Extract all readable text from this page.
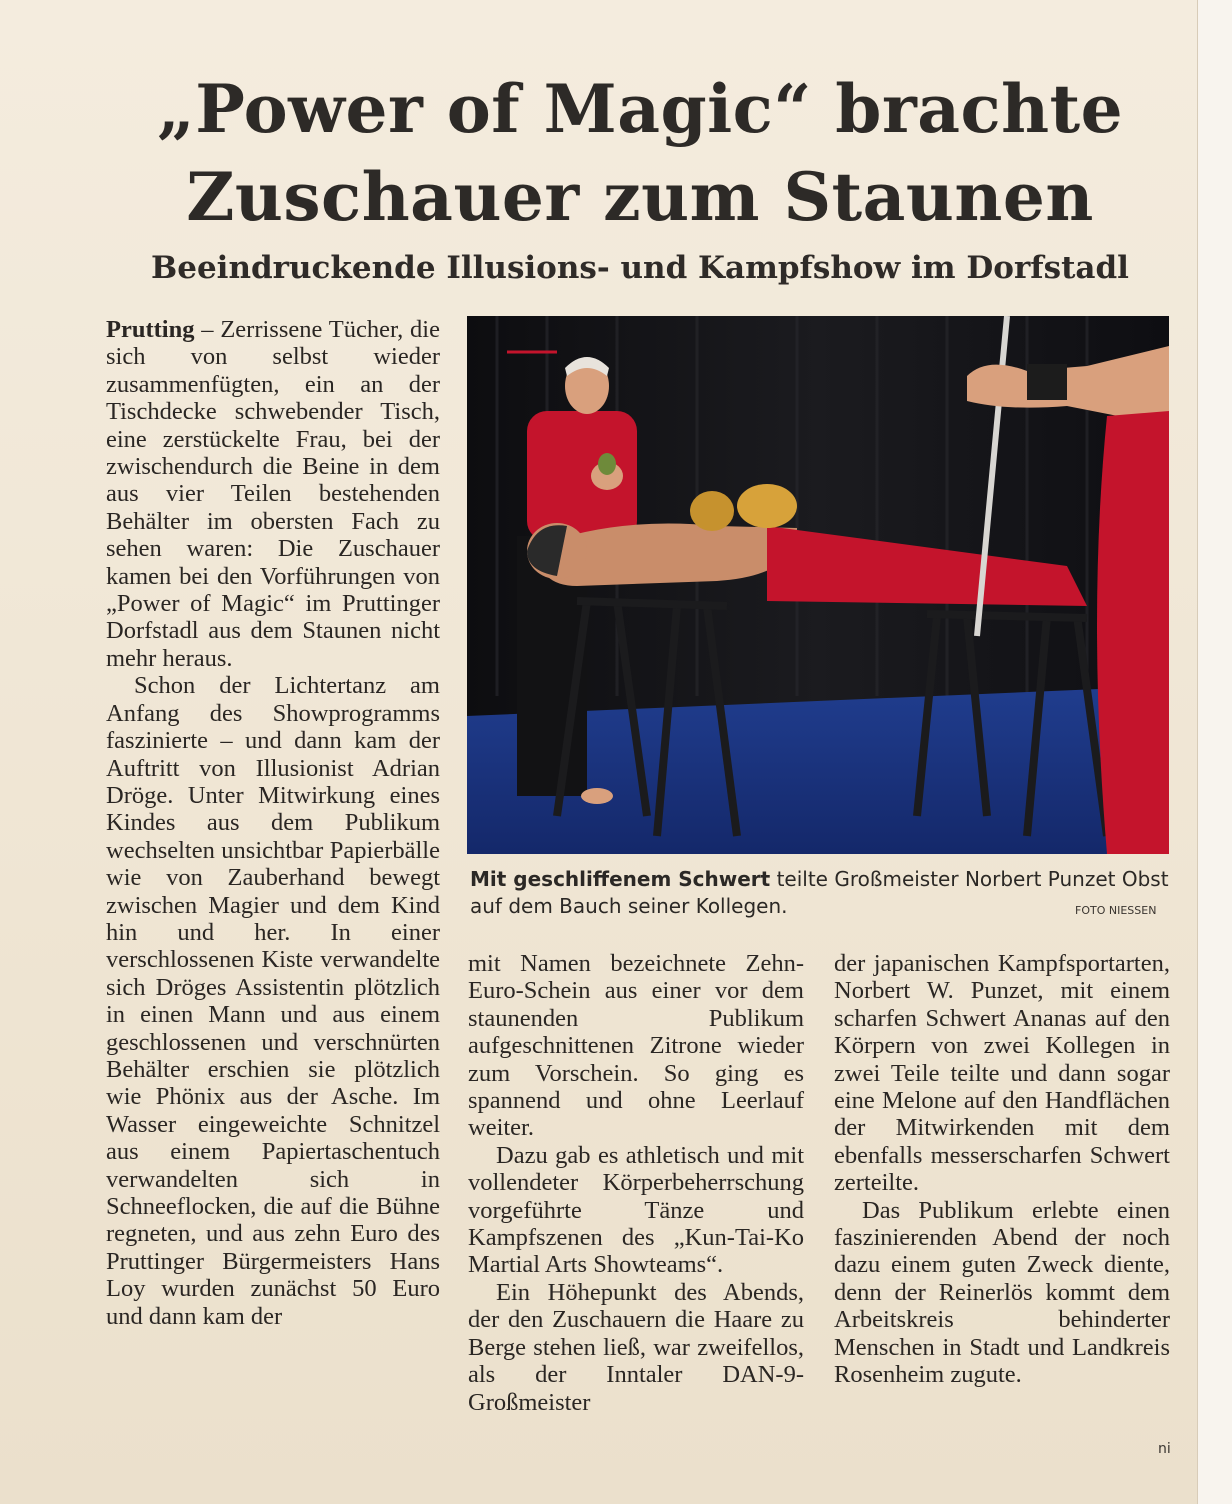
„Power of Magic“ brachte
Zuschauer zum Staunen
Beeindruckende Illusions- und Kampfshow im Dorfstadl

Prutting – Zerrissene Tücher, die sich von selbst wieder zusammenfügten, ein an der Tischdecke schwebender Tisch, eine zerstückelte Frau, bei der zwischendurch die Beine in dem aus vier Teilen bestehenden Behälter im obersten Fach zu sehen waren: Die Zuschauer kamen bei den Vorführungen von „Power of Magic“ im Pruttinger Dorfstadl aus dem Staunen nicht mehr heraus.

Schon der Lichtertanz am Anfang des Showprogramms faszinierte – und dann kam der Auftritt von Illusionist Adrian Dröge. Unter Mitwirkung eines Kindes aus dem Publikum wechselten unsichtbar Papierbälle wie von Zauberhand bewegt zwischen Magier und dem Kind hin und her. In einer verschlossenen Kiste verwandelte sich Dröges Assistentin plötzlich in einen Mann und aus einem geschlossenen und verschnürten Behälter erschien sie plötzlich wie Phönix aus der Asche. Im Wasser eingeweichte Schnitzel aus einem Papiertaschentuch verwandelten sich in Schneeflocken, die auf die Bühne regneten, und aus zehn Euro des Pruttinger Bürgermeisters Hans Loy wurden zunächst 50 Euro und dann kam der

Mit geschliffenem Schwert teilte Großmeister Norbert Punzet Obst auf dem Bauch seiner Kollegen.	FOTO NIESSEN

mit Namen bezeichnete Zehn-Euro-Schein aus einer vor dem staunenden Publikum aufgeschnittenen Zitrone wieder zum Vorschein. So ging es spannend und ohne Leerlauf weiter.

Dazu gab es athletisch und mit vollendeter Körperbeherrschung vorgeführte Tänze und Kampfszenen des „Kun-Tai-Ko Martial Arts Showteams“.

Ein Höhepunkt des Abends, der den Zuschauern die Haare zu Berge stehen ließ, war zweifellos, als der Inntaler DAN-9-Großmeister

der japanischen Kampfsportarten, Norbert W. Punzet, mit einem scharfen Schwert Ananas auf den Körpern von zwei Kollegen in zwei Teile teilte und dann sogar eine Melone auf den Handflächen der Mitwirkenden mit dem ebenfalls messerscharfen Schwert zerteilte.

Das Publikum erlebte einen faszinierenden Abend der noch dazu einem guten Zweck diente, denn der Reinerlös kommt dem Arbeitskreis behinderter Menschen in Stadt und Landkreis Rosenheim zugute.

ni
